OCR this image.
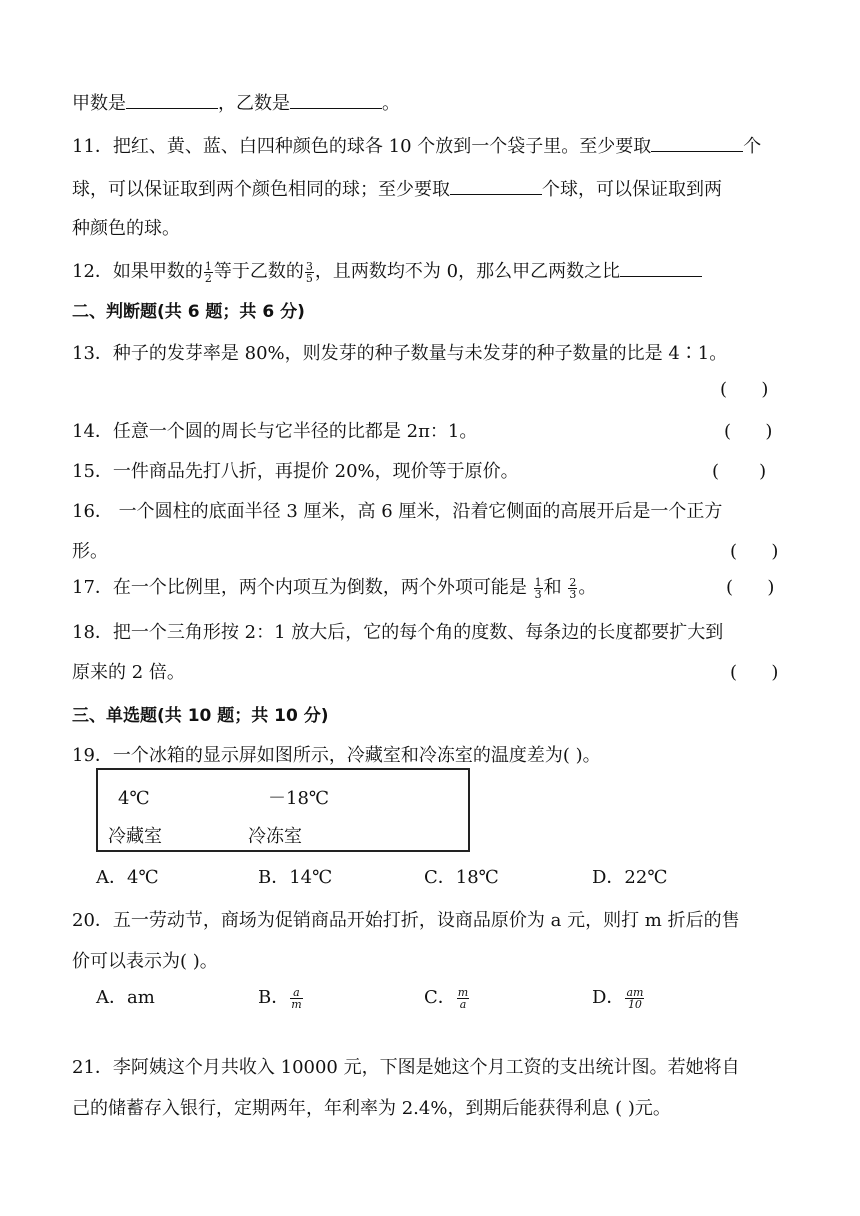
甲数是	，乙数是	。
11．把红、黄、蓝、白四种颜色的球各 10 个放到一个袋子里。至少要取	个
球，可以保证取到两个颜色相同的球；至少要取	个球，可以保证取到两
种颜色的球。
12．如果甲数的 $\frac{1}{2}$ 等于乙数的 $\frac{3}{5}$ ，且两数均不为 0，那么甲乙两数之比
二、判断题(共 6 题；共 6 分)
13．种子的发芽率是 80%，则发芽的种子数量与未发芽的种子数量的比是 4∶1。
(      )
14．任意一个圆的周长与它半径的比都是 2π：1。	(      )
15．一件商品先打八折，再提价 20%，现价等于原价。	(       )
16． 一个圆柱的底面半径 3 厘米，高 6 厘米，沿着它侧面的高展开后是一个正方
形。	(      )
17．在一个比例里，两个内项互为倒数，两个外项可能是 $\frac{1}{3}$ 和 $\frac{2}{3}$ 。	(      )
18．把一个三角形按 2：1 放大后，它的每个角的度数、每条边的长度都要扩大到
原来的 2 倍。	(      )
三、单选题(共 10 题；共 10 分)
19．一个冰箱的显示屏如图所示，冷藏室和冷冻室的温度差为( )。
4℃	－18℃
冷藏室	冷冻室
A．4℃	B．14℃	C．18℃	D．22℃
20．五一劳动节，商场为促销商品开始打折，设商品原价为 a 元，则打 m 折后的售
价可以表示为( )。
A．am	B． $\frac{a}{m}$	C． $\frac{m}{a}$	D． $\frac{am}{10}$
21．李阿姨这个月共收入 10000 元，下图是她这个月工资的支出统计图。若她将自
己的储蓄存入银行，定期两年，年利率为 2.4%，到期后能获得利息 ( )元。
